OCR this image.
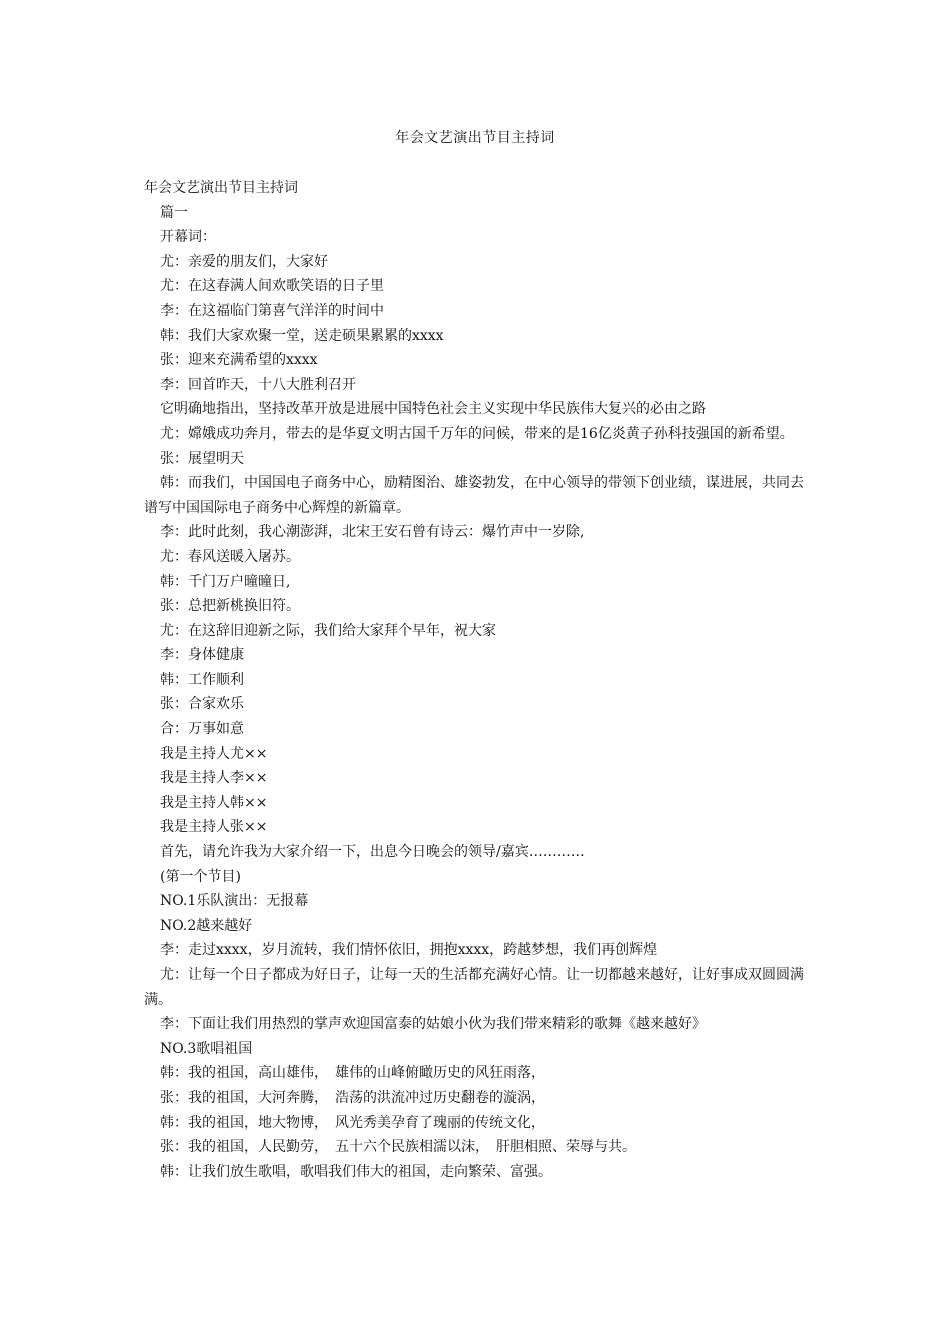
年会文艺演出节目主持词

年会文艺演出节目主持词

篇一

开幕词：

尤：亲爱的朋友们，大家好

尤：在这春满人间欢歌笑语的日子里

李：在这福临门第喜气洋洋的时间中

韩：我们大家欢聚一堂，送走硕果累累的xxxx

张：迎来充满希望的xxxx

李：回首昨天，十八大胜利召开

它明确地指出，坚持改革开放是进展中国特色社会主义实现中华民族伟大复兴的必由之路

尤：嫦娥成功奔月，带去的是华夏文明古国千万年的问候，带来的是16亿炎黄子孙科技强国的新希望。

张：展望明天

韩：而我们，中国国电子商务中心，励精图治、雄姿勃发，在中心领导的带领下创业绩，谋进展，共同去谱写中国国际电子商务中心辉煌的新篇章。

李：此时此刻，我心潮澎湃，北宋王安石曾有诗云：爆竹声中一岁除,

尤：春风送暖入屠苏。

韩：千门万户曈曈日,

张：总把新桃换旧符。

尤：在这辞旧迎新之际，我们给大家拜个早年，祝大家

李：身体健康

韩：工作顺利

张：合家欢乐

合：万事如意

我是主持人尤××

我是主持人李××

我是主持人韩××

我是主持人张××

首先，请允许我为大家介绍一下，出息今日晚会的领导/嘉宾…………

(第一个节目)

NO.1乐队演出：无报幕

NO.2越来越好

李：走过xxxx，岁月流转，我们情怀依旧，拥抱xxxx，跨越梦想，我们再创辉煌

尤：让每一个日子都成为好日子，让每一天的生活都充满好心情。让一切都越来越好，让好事成双圆圆满满。

李：下面让我们用热烈的掌声欢迎国富泰的姑娘小伙为我们带来精彩的歌舞《越来越好》

NO.3歌唱祖国

韩：我的祖国，高山雄伟，　雄伟的山峰俯瞰历史的风狂雨落，

张：我的祖国，大河奔腾，　浩荡的洪流冲过历史翻卷的漩涡，

韩：我的祖国，地大物博，　风光秀美孕育了瑰丽的传统文化，

张：我的祖国，人民勤劳，　五十六个民族相濡以沫，　肝胆相照、荣辱与共。

韩：让我们放生歌唱，歌唱我们伟大的祖国，走向繁荣、富强。
